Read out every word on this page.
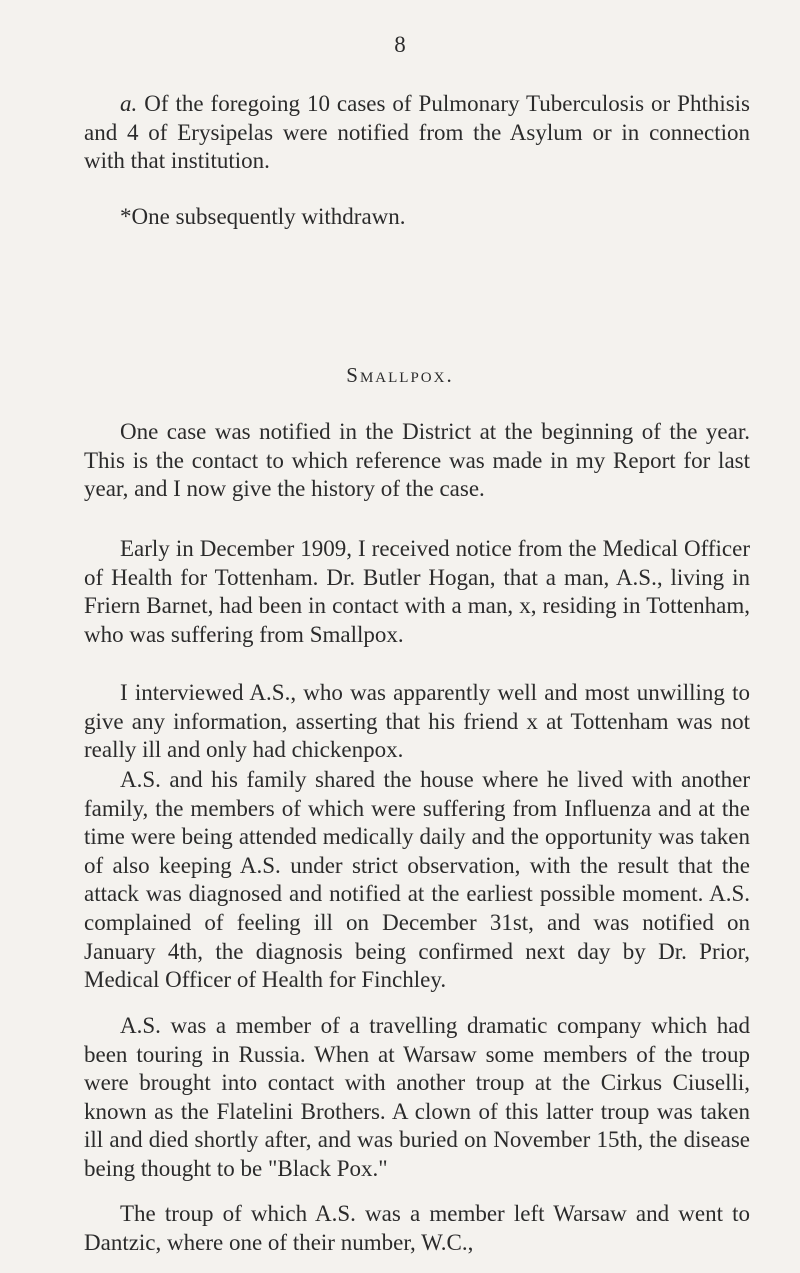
8

a. Of the foregoing 10 cases of Pulmonary Tuberculosis or Phthisis and 4 of Erysipelas were notified from the Asylum or in connection with that institution.

*One subsequently withdrawn.

Smallpox.

One case was notified in the District at the beginning of the year. This is the contact to which reference was made in my Report for last year, and I now give the history of the case.

Early in December 1909, I received notice from the Medical Officer of Health for Tottenham. Dr. Butler Hogan, that a man, A.S., living in Friern Barnet, had been in contact with a man, x, residing in Tottenham, who was suffering from Smallpox.

I interviewed A.S., who was apparently well and most unwilling to give any information, asserting that his friend x at Tottenham was not really ill and only had chickenpox.

A.S. and his family shared the house where he lived with another family, the members of which were suffering from Influenza and at the time were being attended medically daily and the opportunity was taken of also keeping A.S. under strict observation, with the result that the attack was diagnosed and notified at the earliest possible moment. A.S. complained of feeling ill on December 31st, and was notified on January 4th, the diagnosis being confirmed next day by Dr. Prior, Medical Officer of Health for Finchley.

A.S. was a member of a travelling dramatic company which had been touring in Russia. When at Warsaw some members of the troup were brought into contact with another troup at the Cirkus Ciuselli, known as the Flatelini Brothers. A clown of this latter troup was taken ill and died shortly after, and was buried on November 15th, the disease being thought to be "Black Pox."

The troup of which A.S. was a member left Warsaw and went to Dantzic, where one of their number, W.C.,
